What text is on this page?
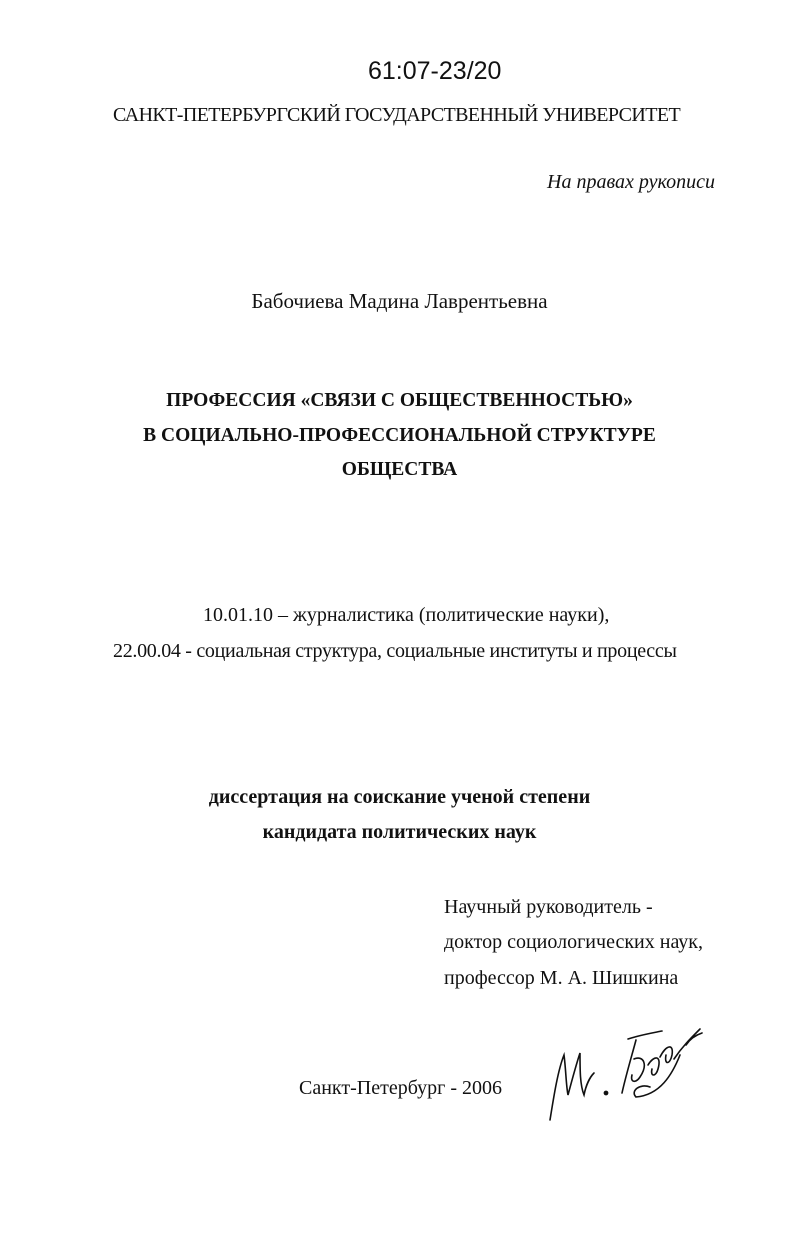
61:07-23/20
САНКТ-ПЕТЕРБУРГСКИЙ ГОСУДАРСТВЕННЫЙ УНИВЕРСИТЕТ
На правах рукописи
Бабочиева Мадина Лаврентьевна
ПРОФЕССИЯ «СВЯЗИ С ОБЩЕСТВЕННОСТЬЮ»
В СОЦИАЛЬНО-ПРОФЕССИОНАЛЬНОЙ СТРУКТУРЕ
ОБЩЕСТВА
10.01.10 – журналистика (политические науки),
22.00.04 - социальная структура, социальные институты и процессы
диссертация на соискание ученой степени
кандидата политических наук
Научный руководитель -
доктор социологических наук,
профессор М. А. Шишкина
Санкт-Петербург - 2006
